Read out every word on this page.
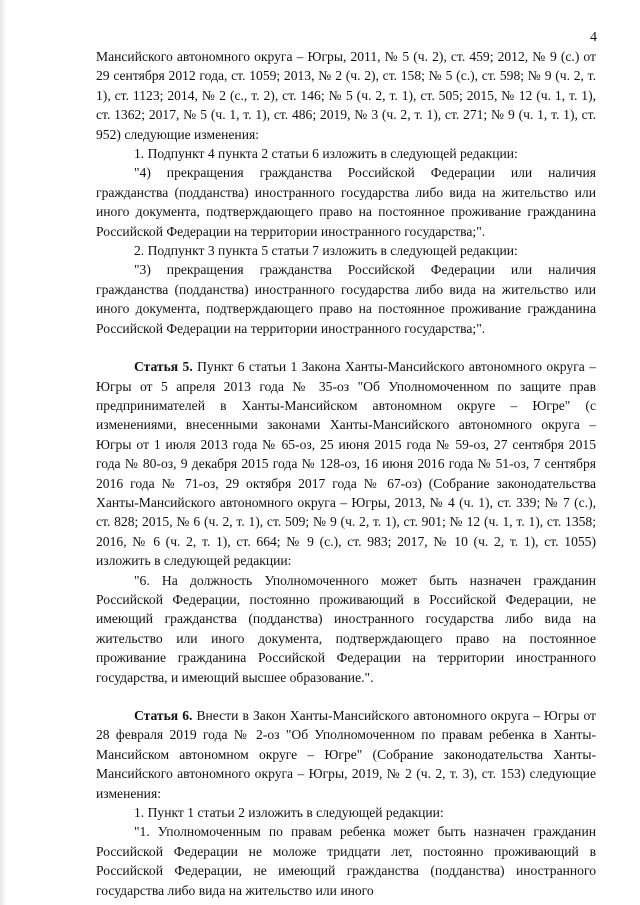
4

Мансийского автономного округа – Югры, 2011, № 5 (ч. 2), ст. 459; 2012, № 9 (с.) от 29 сентября 2012 года, ст. 1059; 2013, № 2 (ч. 2), ст. 158; № 5 (с.), ст. 598; № 9 (ч. 2, т. 1), ст. 1123; 2014, № 2 (с., т. 2), ст. 146; № 5 (ч. 2, т. 1), ст. 505; 2015, № 12 (ч. 1, т. 1), ст. 1362; 2017, № 5 (ч. 1, т. 1), ст. 486; 2019, № 3 (ч. 2, т. 1), ст. 271; № 9 (ч. 1, т. 1), ст. 952) следующие изменения:

1. Подпункт 4 пункта 2 статьи 6 изложить в следующей редакции:

"4) прекращения гражданства Российской Федерации или наличия гражданства (подданства) иностранного государства либо вида на жительство или иного документа, подтверждающего право на постоянное проживание гражданина Российской Федерации на территории иностранного государства;".

2. Подпункт 3 пункта 5 статьи 7 изложить в следующей редакции:

"3) прекращения гражданства Российской Федерации или наличия гражданства (подданства) иностранного государства либо вида на жительство или иного документа, подтверждающего право на постоянное проживание гражданина Российской Федерации на территории иностранного государства;".

Статья 5. Пункт 6 статьи 1 Закона Ханты-Мансийского автономного округа – Югры от 5 апреля 2013 года № 35-оз "Об Уполномоченном по защите прав предпринимателей в Ханты-Мансийском автономном округе – Югре" (с изменениями, внесенными законами Ханты-Мансийского автономного округа – Югры от 1 июля 2013 года № 65-оз, 25 июня 2015 года № 59-оз, 27 сентября 2015 года № 80-оз, 9 декабря 2015 года № 128-оз, 16 июня 2016 года № 51-оз, 7 сентября 2016 года № 71-оз, 29 октября 2017 года № 67-оз) (Собрание законодательства Ханты-Мансийского автономного округа – Югры, 2013, № 4 (ч. 1), ст. 339; № 7 (с.), ст. 828; 2015, № 6 (ч. 2, т. 1), ст. 509; № 9 (ч. 2, т. 1), ст. 901; № 12 (ч. 1, т. 1), ст. 1358; 2016, № 6 (ч. 2, т. 1), ст. 664; № 9 (с.), ст. 983; 2017, № 10 (ч. 2, т. 1), ст. 1055) изложить в следующей редакции:

"6. На должность Уполномоченного может быть назначен гражданин Российской Федерации, постоянно проживающий в Российской Федерации, не имеющий гражданства (подданства) иностранного государства либо вида на жительство или иного документа, подтверждающего право на постоянное проживание гражданина Российской Федерации на территории иностранного государства, и имеющий высшее образование.".

Статья 6. Внести в Закон Ханты-Мансийского автономного округа – Югры от 28 февраля 2019 года № 2-оз "Об Уполномоченном по правам ребенка в Ханты-Мансийском автономном округе – Югре" (Собрание законодательства Ханты-Мансийского автономного округа – Югры, 2019, № 2 (ч. 2, т. 3), ст. 153) следующие изменения:

1. Пункт 1 статьи 2 изложить в следующей редакции:

"1. Уполномоченным по правам ребенка может быть назначен гражданин Российской Федерации не моложе тридцати лет, постоянно проживающий в Российской Федерации, не имеющий гражданства (подданства) иностранного государства либо вида на жительство или иного
